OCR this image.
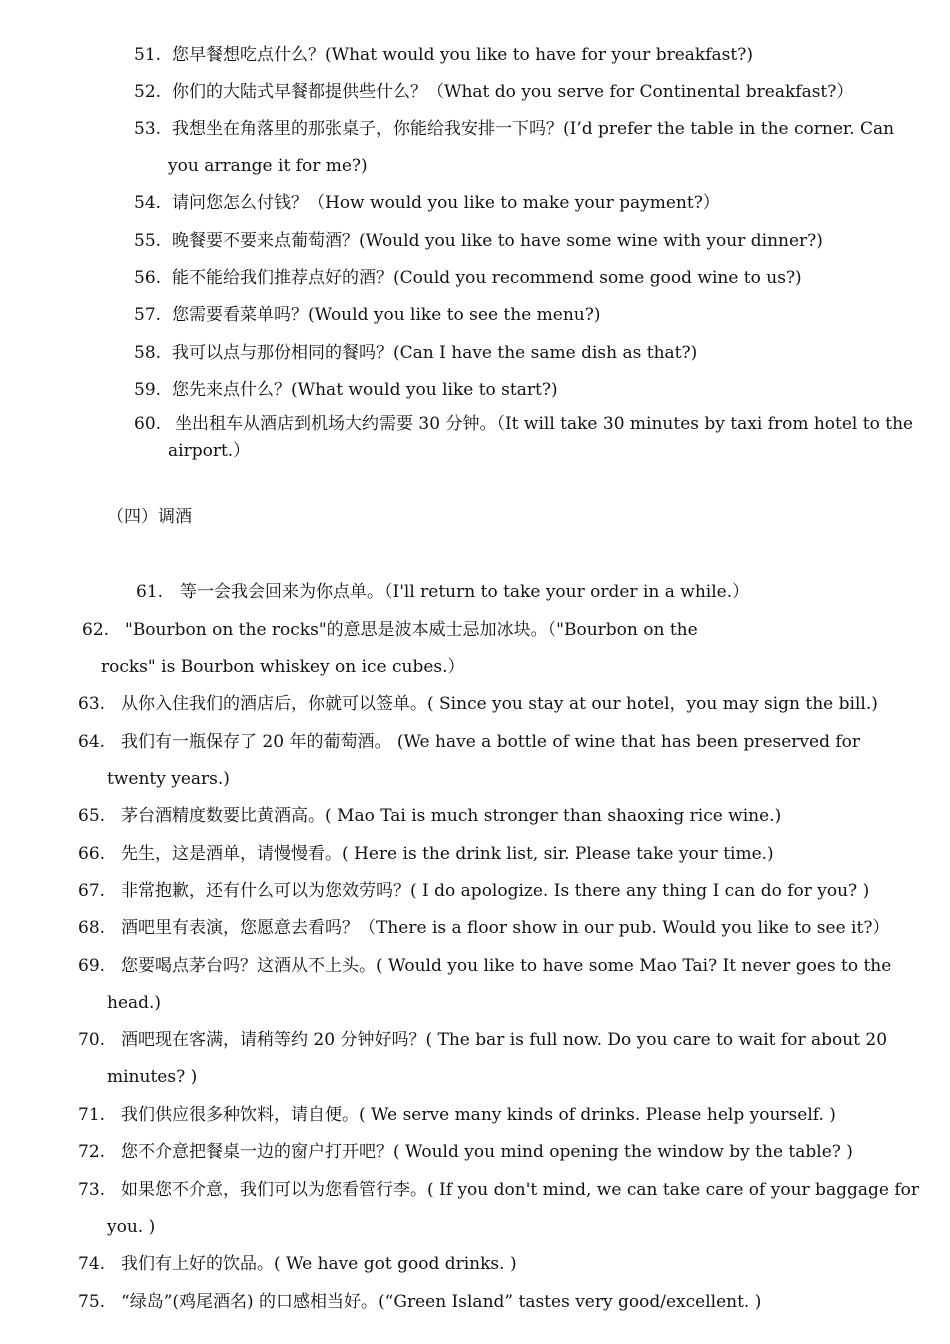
51. 您早餐想吃点什么？(What would you like to have for your breakfast?)
52. 你们的大陆式早餐都提供些什么？（What do you serve for Continental breakfast?）
53. 我想坐在角落里的那张桌子，你能给我安排一下吗？(I’d prefer the table in the corner. Can
you arrange it for me?)
54. 请问您怎么付钱？（How would you like to make your payment?）
55. 晚餐要不要来点葡萄酒？(Would you like to have some wine with your dinner?)
56. 能不能给我们推荐点好的酒？(Could you recommend some good wine to us?)
57. 您需要看菜单吗？(Would you like to see the menu?)
58. 我可以点与那份相同的餐吗？(Can I have the same dish as that?)
59. 您先来点什么？(What would you like to start?)
60. 坐出租车从酒店到机场大约需要 30 分钟。（It will take 30 minutes by taxi from hotel to the
airport.）
（四）调酒
61. 等一会我会回来为你点单。（I'll return to take your order in a while.）
62. "Bourbon on the rocks"的意思是波本威士忌加冰块。（"Bourbon on the
rocks" is Bourbon whiskey on ice cubes.）
63. 从你入住我们的酒店后，你就可以签单。( Since you stay at our hotel，you may sign the bill.)
64. 我们有一瓶保存了 20 年的葡萄酒。 (We have a bottle of wine that has been preserved for
twenty years.)
65. 茅台酒精度数要比黄酒高。( Mao Tai is much stronger than shaoxing rice wine.)
66. 先生，这是酒单，请慢慢看。( Here is the drink list, sir. Please take your time.)
67. 非常抱歉，还有什么可以为您效劳吗？( I do apologize. Is there any thing I can do for you? )
68. 酒吧里有表演，您愿意去看吗？（There is a floor show in our pub. Would you like to see it?）
69. 您要喝点茅台吗？这酒从不上头。( Would you like to have some Mao Tai? It never goes to the
head.)
70. 酒吧现在客满，请稍等约 20 分钟好吗？( The bar is full now. Do you care to wait for about 20
minutes? )
71. 我们供应很多种饮料，请自便。( We serve many kinds of drinks. Please help yourself. )
72. 您不介意把餐桌一边的窗户打开吧？( Would you mind opening the window by the table? )
73. 如果您不介意，我们可以为您看管行李。( If you don't mind, we can take care of your baggage for
you. )
74. 我们有上好的饮品。( We have got good drinks. )
75. “绿岛”(鸡尾酒名) 的口感相当好。(“Green Island” tastes very good/excellent. )
